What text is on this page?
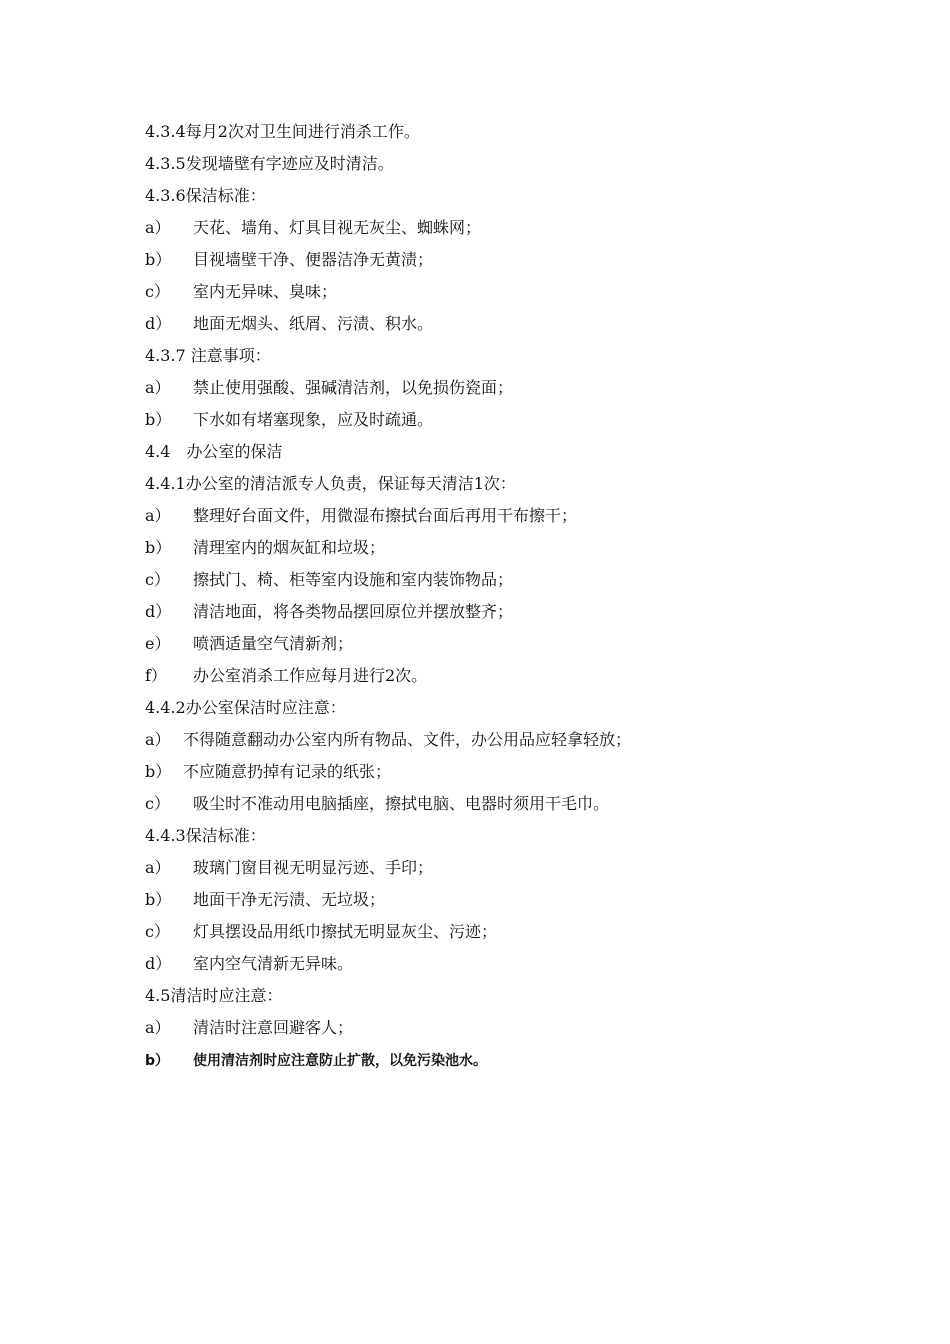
4.3.4每月2次对卫生间进行消杀工作。
4.3.5发现墙壁有字迹应及时清洁。
4.3.6保洁标准：
a） 天花、墙角、灯具目视无灰尘、蜘蛛网；
b） 目视墙壁干净、便器洁净无黄渍；
c） 室内无异味、臭味；
d） 地面无烟头、纸屑、污渍、积水。
4.3.7 注意事项：
a） 禁止使用强酸、强碱清洁剂，以免损伤瓷面；
b） 下水如有堵塞现象，应及时疏通。
4.4　办公室的保洁
4.4.1办公室的清洁派专人负责，保证每天清洁1次：
a） 整理好台面文件，用微湿布擦拭台面后再用干布擦干；
b） 清理室内的烟灰缸和垃圾；
c） 擦拭门、椅、柜等室内设施和室内装饰物品；
d） 清洁地面，将各类物品摆回原位并摆放整齐；
e） 喷洒适量空气清新剂；
f） 办公室消杀工作应每月进行2次。
4.4.2办公室保洁时应注意：
a） 不得随意翻动办公室内所有物品、文件，办公用品应轻拿轻放；
b） 不应随意扔掉有记录的纸张；
c） 吸尘时不准动用电脑插座，擦拭电脑、电器时须用干毛巾。
4.4.3保洁标准：
a） 玻璃门窗目视无明显污迹、手印；
b） 地面干净无污渍、无垃圾；
c） 灯具摆设品用纸巾擦拭无明显灰尘、污迹；
d） 室内空气清新无异味。
4.5清洁时应注意：
a） 清洁时注意回避客人；
b） 使用清洁剂时应注意防止扩散，以免污染池水。
